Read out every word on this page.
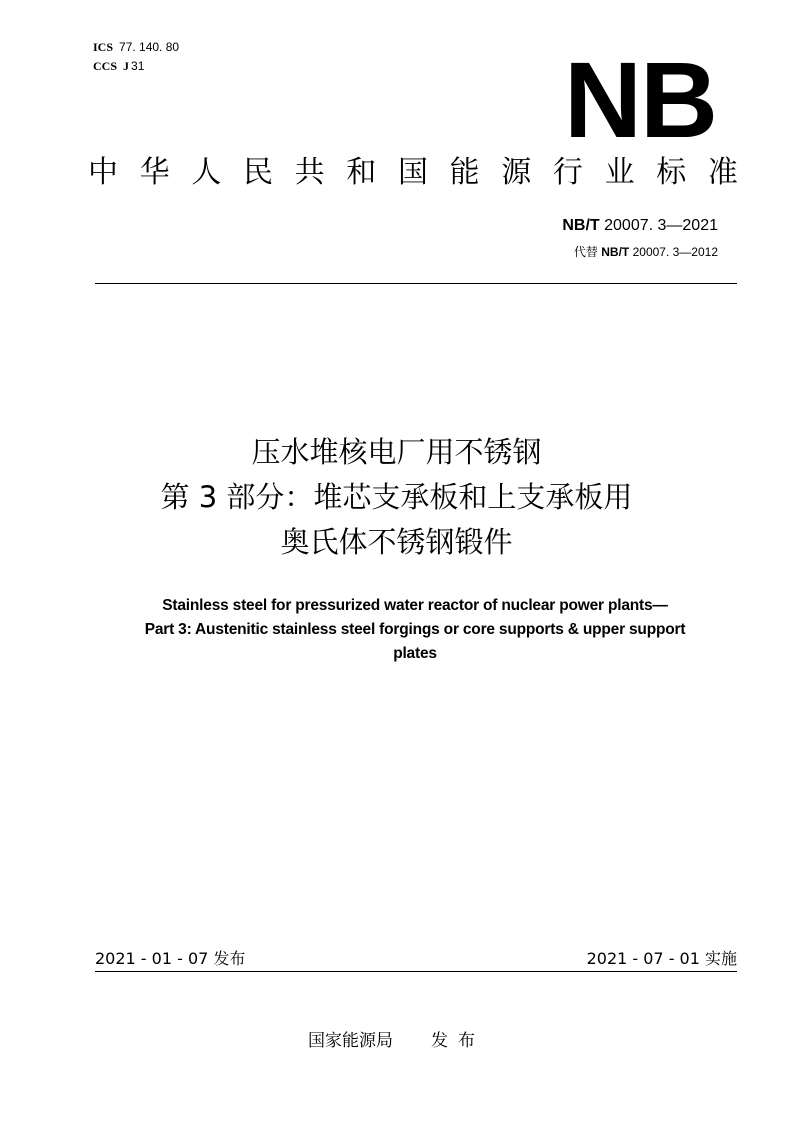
ICS 77. 140. 80
CCS J 31	NB
中 华 人 民 共 和 国 能 源 行 业 标 准
NB/T 20007. 3—2021
代替 NB/T 20007. 3—2012
压水堆核电厂用不锈钢
第 3 部分：堆芯支承板和上支承板用
奥氏体不锈钢锻件
Stainless steel for pressurized water reactor of nuclear power plants—
Part 3: Austenitic stainless steel forgings or core supports & upper support
plates
2021 - 01 - 07 发布	2021 - 07 - 01 实施
国家能源局 发布
